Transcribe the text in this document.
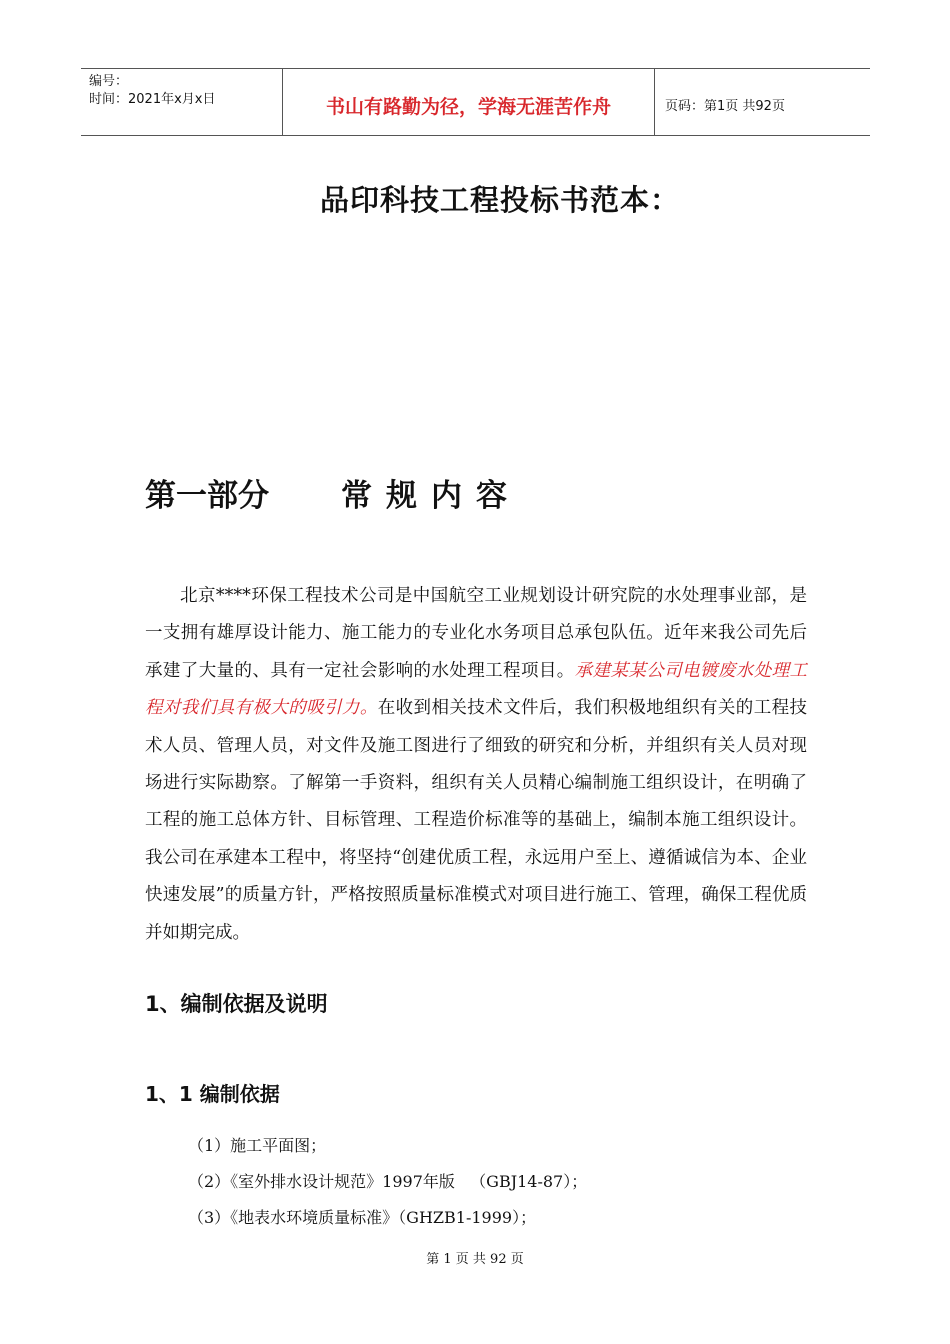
编号：
时间：2021年x月x日	书山有路勤为径，学海无涯苦作舟	页码：第1页 共92页
品印科技工程投标书范本：
第一部分 常规内容
北京****环保工程技术公司是中国航空工业规划设计研究院的水处理事业部，是一支拥有雄厚设计能力、施工能力的专业化水务项目总承包队伍。近年来我公司先后承建了大量的、具有一定社会影响的水处理工程项目。承建某某公司电镀废水处理工程对我们具有极大的吸引力。在收到相关技术文件后，我们积极地组织有关的工程技术人员、管理人员，对文件及施工图进行了细致的研究和分析，并组织有关人员对现场进行实际勘察。了解第一手资料，组织有关人员精心编制施工组织设计，在明确了工程的施工总体方针、目标管理、工程造价标准等的基础上，编制本施工组织设计。我公司在承建本工程中，将坚持“创建优质工程，永远用户至上、遵循诚信为本、企业快速发展”的质量方针，严格按照质量标准模式对项目进行施工、管理，确保工程优质并如期完成。
1、编制依据及说明
1、1 编制依据
（1）施工平面图；
（2）《室外排水设计规范》1997年版   （GBJ14-87）；
（3）《地表水环境质量标准》（GHZB1-1999）；
第 1 页 共 92 页
